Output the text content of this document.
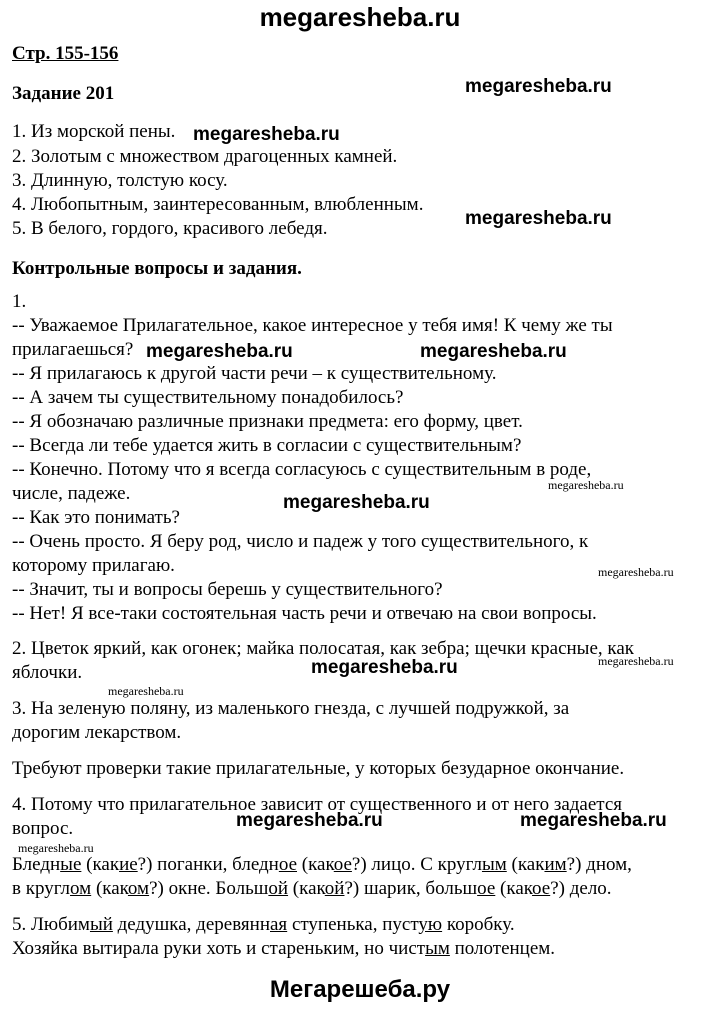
megaresheba.ru
Стр. 155-156
Задание 201
1. Из морской пены.
2. Золотым с множеством драгоценных камней.
3. Длинную, толстую косу.
4. Любопытным, заинтересованным, влюбленным.
5. В белого, гордого, красивого лебедя.
Контрольные вопросы и задания.
1.
-- Уважаемое Прилагательное, какое интересное у тебя имя! К чему же ты
прилагаешься?
-- Я прилагаюсь к другой части речи – к существительному.
-- А зачем ты существительному понадобилось?
-- Я обозначаю различные признаки предмета: его форму, цвет.
-- Всегда ли тебе удается жить в согласии с существительным?
-- Конечно. Потому что я всегда согласуюсь с существительным в роде,
числе, падеже.
-- Как это понимать?
-- Очень просто. Я беру род, число и падеж у того существительного, к
которому прилагаю.
-- Значит, ты и вопросы берешь у существительного?
-- Нет! Я все-таки состоятельная часть речи и отвечаю на свои вопросы.
2. Цветок яркий, как огонек; майка полосатая, как зебра; щечки красные, как
яблочки.
3. На зеленую поляну, из маленького гнезда, с лучшей подружкой, за
дорогим лекарством.
Требуют проверки такие прилагательные, у которых безударное окончание.
4. Потому что прилагательное зависит от существенного и от него задается
вопрос.
Бледные (какие?) поганки, бледное (какое?) лицо. С круглым (каким?) дном,
в круглом (каком?) окне. Большой (какой?) шарик, большое (какое?) дело.
5. Любимый дедушка, деревянная ступенька, пустую коробку.
Хозяйка вытирала руки хоть и стареньким, но чистым полотенцем.
megaresheba.ru
megaresheba.ru
megaresheba.ru
megaresheba.ru	megaresheba.ru
megaresheba.ru
megaresheba.ru
megaresheba.ru	megaresheba.ru
megaresheba.ru
megaresheba.ru
megaresheba.ru
megaresheba.ru
megaresheba.ru
Мегарешеба.ру
